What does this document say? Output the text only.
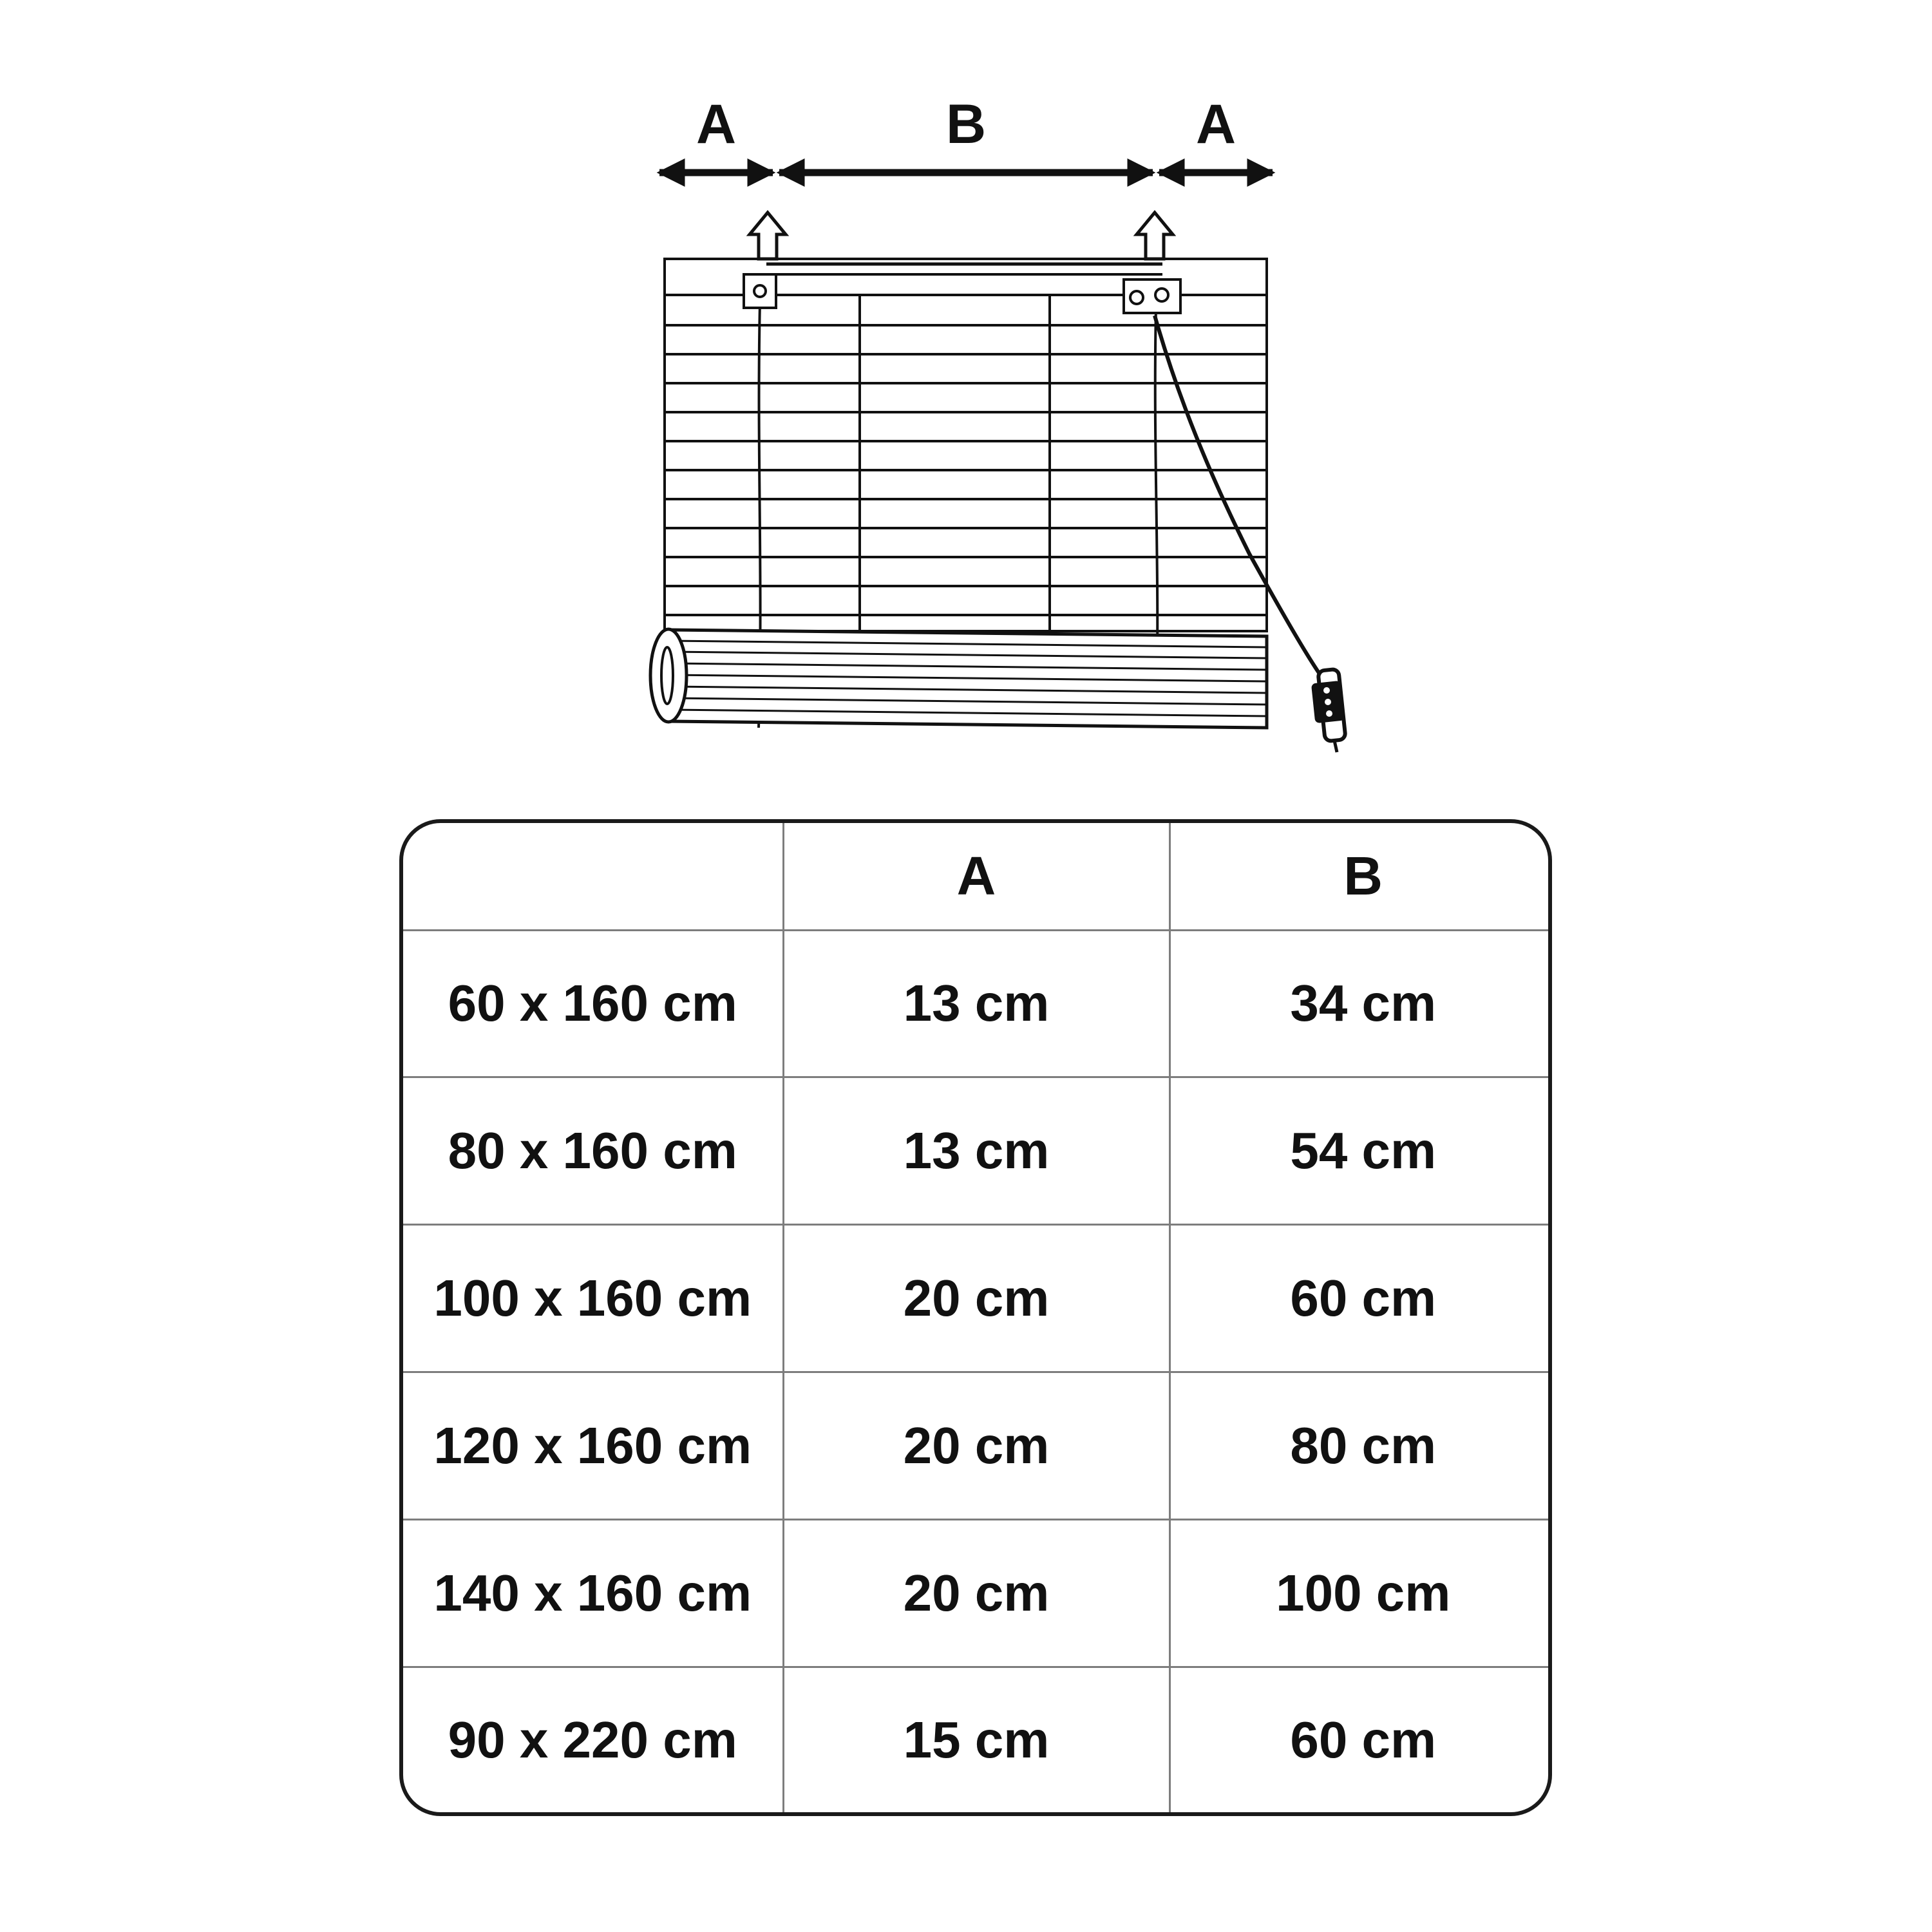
A	B	A
	A	B
60 x 160 cm	13 cm	34 cm
80 x 160 cm	13 cm	54 cm
100 x 160 cm	20 cm	60 cm
120 x 160 cm	20 cm	80 cm
140 x 160 cm	20 cm	100 cm
90 x 220 cm	15 cm	60 cm
